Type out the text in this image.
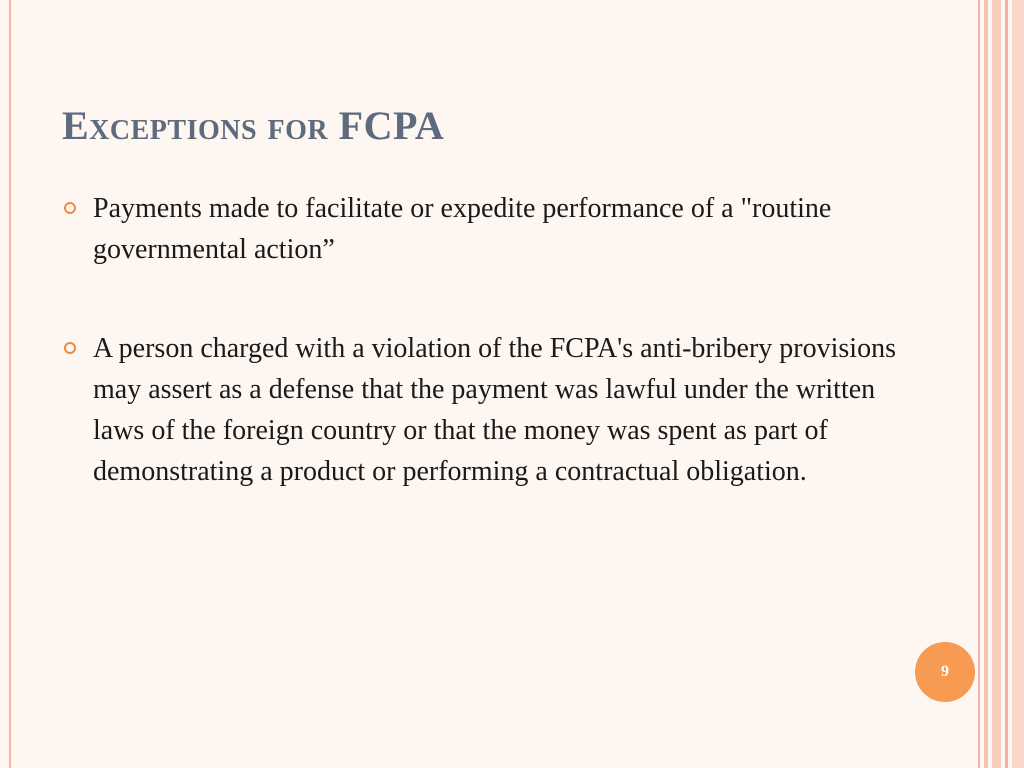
Exceptions for FCPA
Payments made to facilitate or expedite performance of a "routine governmental action”
A person charged with a violation of the FCPA's anti-bribery provisions may assert as a defense that the payment was lawful under the written laws of the foreign country or that the money was spent as part of demonstrating a product or performing a contractual obligation.
9
